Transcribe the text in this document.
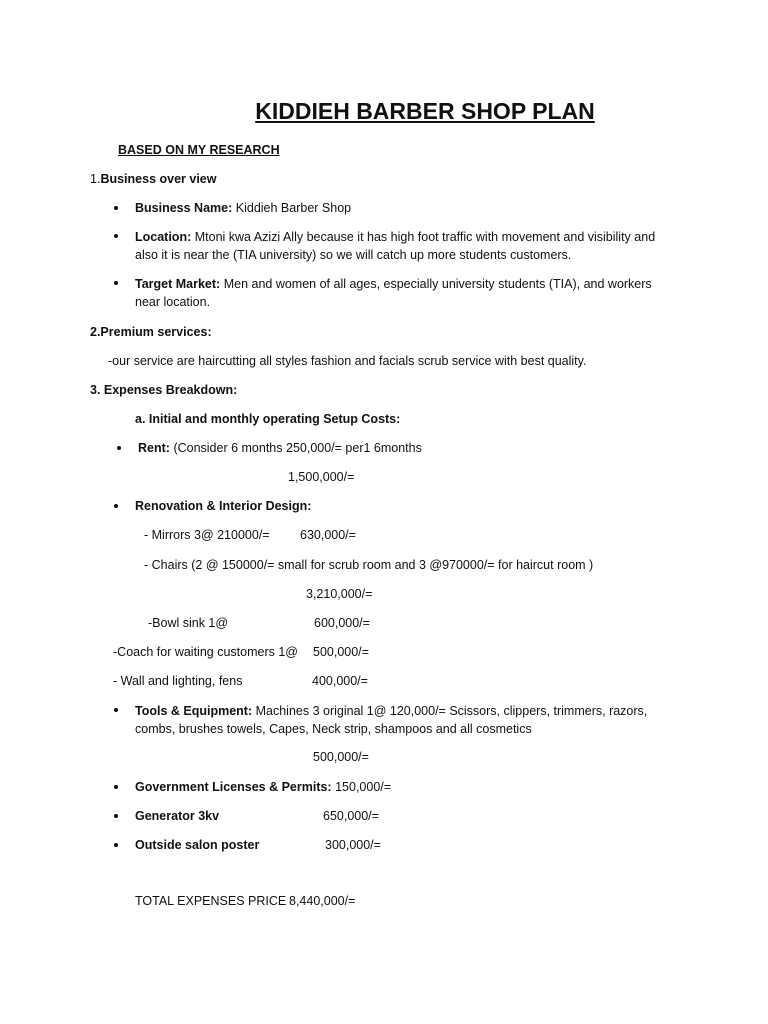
KIDDIEH BARBER SHOP PLAN
BASED ON MY RESEARCH
1.Business over view
Business Name: Kiddieh Barber Shop
Location: Mtoni kwa Azizi Ally because it has high foot traffic with movement and visibility and also it is near the (TIA university) so we will catch up more students customers.
Target Market: Men and women of all ages, especially university students (TIA), and workers near location.
2.Premium services:
-our service are haircutting all styles fashion and facials scrub service with best quality.
3. Expenses Breakdown:
a. Initial and monthly operating Setup Costs:
Rent: (Consider 6 months 250,000/= per1 6months
1,500,000/=
Renovation & Interior Design:
- Mirrors 3@ 210000/= 630,000/=
- Chairs (2 @ 150000/= small for scrub room and 3 @970000/= for haircut room )
3,210,000/=
-Bowl sink 1@	600,000/=
-Coach for waiting customers 1@ 500,000/=
- Wall and lighting, fens	400,000/=
Tools & Equipment: Machines 3 original 1@ 120,000/= Scissors, clippers, trimmers, razors, combs, brushes towels, Capes, Neck strip, shampoos and all cosmetics
500,000/=
Government Licenses & Permits: 150,000/=
Generator 3kv	650,000/=
Outside salon poster	300,000/=
TOTAL EXPENSES PRICE 8,440,000/=
